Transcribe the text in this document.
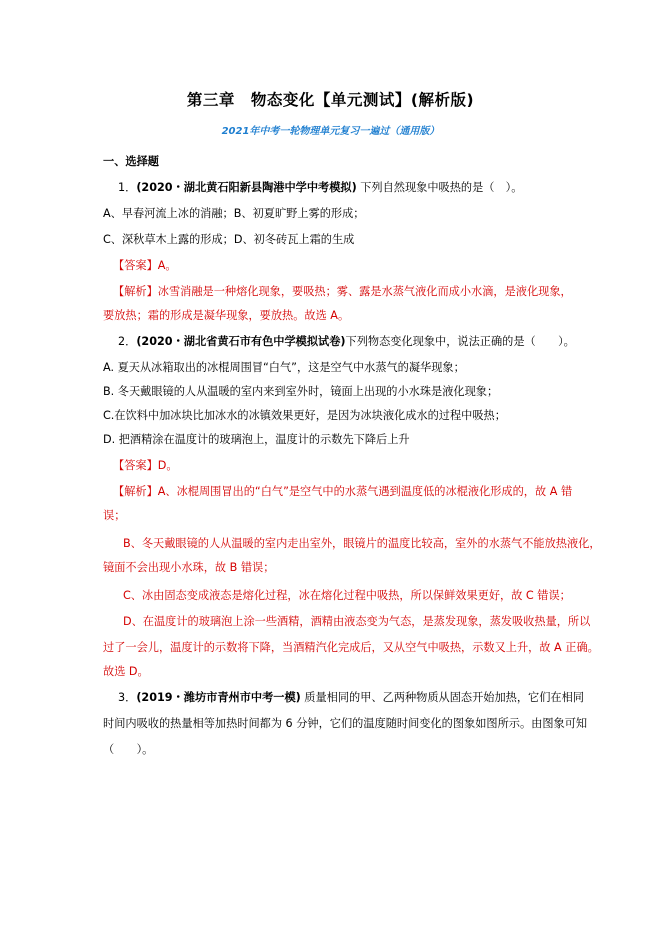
第三章　物态变化【单元测试】(解析版)
2021年中考一轮物理单元复习一遍过（通用版）
一、选择题
1．(2020・湖北黄石阳新县陶港中学中考模拟) 下列自然现象中吸热的是（　）。
A、早春河流上冰的消融；B、初夏旷野上雾的形成；
C、深秋草木上露的形成；D、初冬砖瓦上霜的生成
【答案】A。
【解析】冰雪消融是一种熔化现象，要吸热；雾、露是水蒸气液化而成小水滴，是液化现象，
要放热；霜的形成是凝华现象，要放热。故选 A。
2．(2020・湖北省黄石市有色中学模拟试卷)下列物态变化现象中，说法正确的是（　　）。
A. 夏天从冰箱取出的冰棍周围冒“白气”，这是空气中水蒸气的凝华现象；
B. 冬天戴眼镜的人从温暖的室内来到室外时，镜面上出现的小水珠是液化现象；
C.在饮料中加冰块比加冰水的冰镇效果更好，是因为冰块液化成水的过程中吸热；
D. 把酒精涂在温度计的玻璃泡上，温度计的示数先下降后上升
【答案】D。
【解析】A、冰棍周围冒出的“白气”是空气中的水蒸气遇到温度低的冰棍液化形成的，故 A 错
误；
B、冬天戴眼镜的人从温暖的室内走出室外，眼镜片的温度比较高，室外的水蒸气不能放热液化，
镜面不会出现小水珠，故 B 错误；
C、冰由固态变成液态是熔化过程，冰在熔化过程中吸热，所以保鲜效果更好，故 C 错误；
D、在温度计的玻璃泡上涂一些酒精，酒精由液态变为气态，是蒸发现象，蒸发吸收热量，所以
过了一会儿，温度计的示数将下降，当酒精汽化完成后，又从空气中吸热，示数又上升，故 A 正确。
故选 D。
3．(2019・潍坊市青州市中考一模) 质量相同的甲、乙两种物质从固态开始加热，它们在相同
时间内吸收的热量相等加热时间都为 6 分钟，它们的温度随时间变化的图象如图所示。由图象可知
（　　）。
